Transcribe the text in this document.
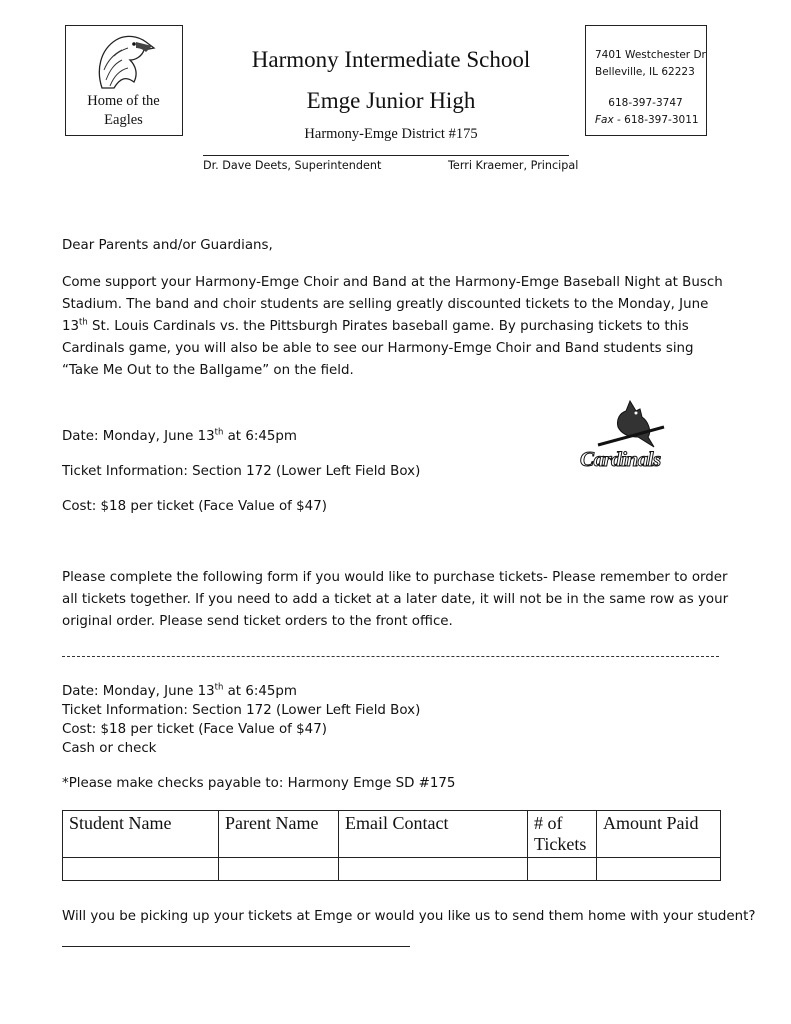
Home of the
Eagles
Harmony Intermediate School
Emge Junior High
Harmony-Emge District #175
7401 Westchester Dr
Belleville, IL 62223
618-397-3747
Fax - 618-397-3011
Dr. Dave Deets, Superintendent	Terri Kraemer, Principal
Dear Parents and/or Guardians,
Come support your Harmony-Emge Choir and Band at the Harmony-Emge Baseball Night at Busch Stadium. The band and choir students are selling greatly discounted tickets to the Monday, June 13th St. Louis Cardinals vs. the Pittsburgh Pirates baseball game. By purchasing tickets to this Cardinals game, you will also be able to see our Harmony-Emge Choir and Band students sing “Take Me Out to the Ballgame” on the field.
Date: Monday, June 13th at 6:45pm
Ticket Information: Section 172 (Lower Left Field Box)
Cost: $18 per ticket (Face Value of $47)
Cardinals
Please complete the following form if you would like to purchase tickets- Please remember to order all tickets together. If you need to add a ticket at a later date, it will not be in the same row as your original order. Please send ticket orders to the front office.
Date: Monday, June 13th at 6:45pm
Ticket Information: Section 172 (Lower Left Field Box)
Cost: $18 per ticket (Face Value of $47)
Cash or check
*Please make checks payable to: Harmony Emge SD #175
Student Name	Parent Name	Email Contact	# of Tickets	Amount Paid

Will you be picking up your tickets at Emge or would you like us to send them home with your student?
